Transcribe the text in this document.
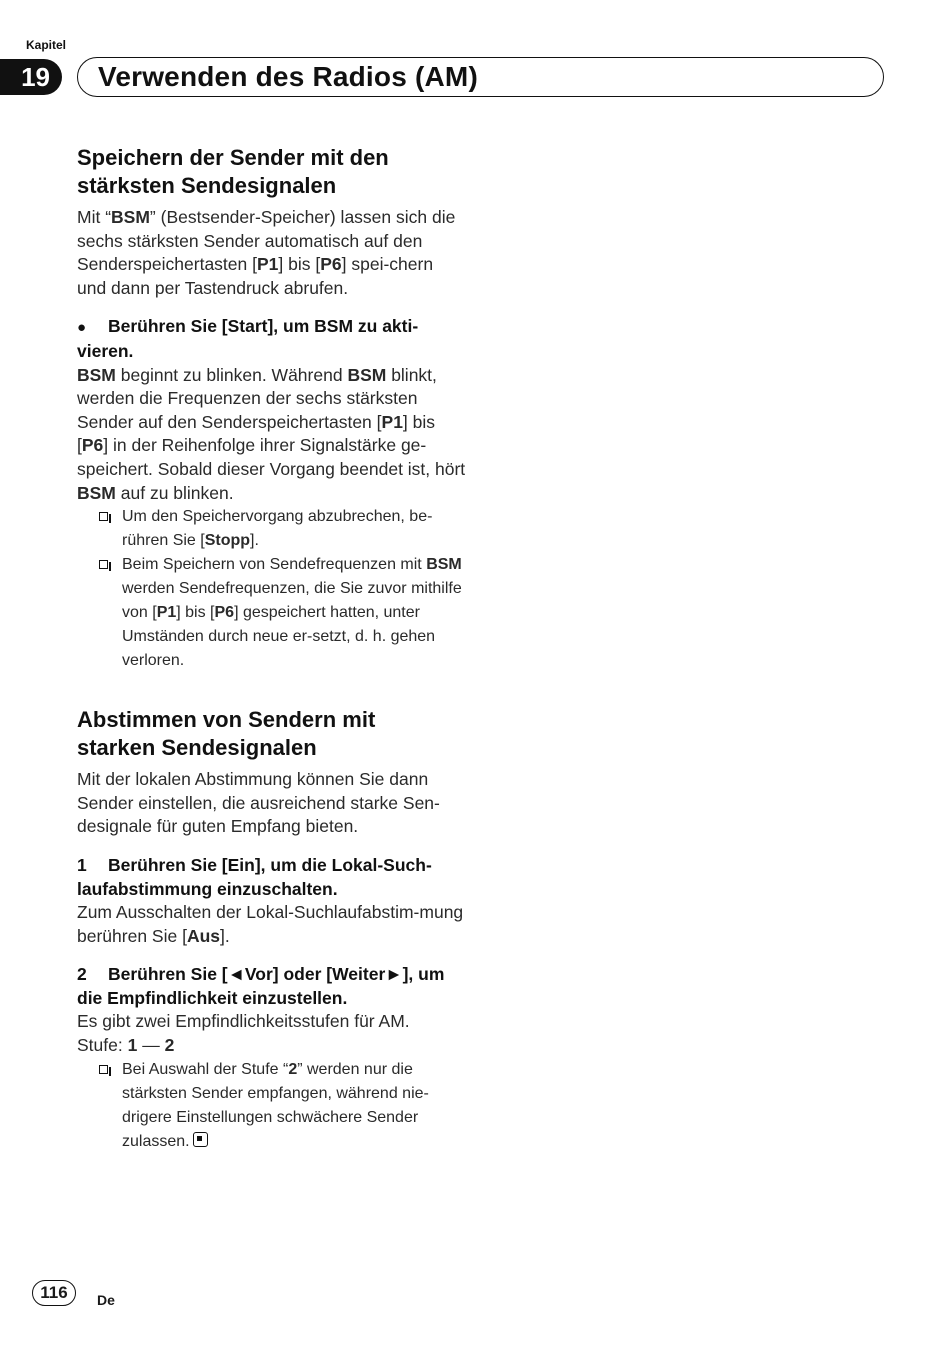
Kapitel
19 Verwenden des Radios (AM)
Speichern der Sender mit den
stärksten Sendesignalen

Mit “BSM” (Bestsender-Speicher) lassen sich die sechs stärksten Sender automatisch auf den Senderspeichertasten [P1] bis [P6] spei-chern und dann per Tastendruck abrufen.

● Berühren Sie [Start], um BSM zu akti-vieren.

BSM beginnt zu blinken. Während BSM blinkt, werden die Frequenzen der sechs stärksten Sender auf den Senderspeichertasten [P1] bis [P6] in der Reihenfolge ihrer Signalstärke ge-speichert. Sobald dieser Vorgang beendet ist, hört BSM auf zu blinken.

Um den Speichervorgang abzubrechen, be-rühren Sie [Stopp].
Beim Speichern von Sendefrequenzen mit BSM werden Sendefrequenzen, die Sie zuvor mithilfe von [P1] bis [P6] gespeichert hatten, unter Umständen durch neue er-setzt, d. h. gehen verloren.
Abstimmen von Sendern mit
starken Sendesignalen

Mit der lokalen Abstimmung können Sie dann Sender einstellen, die ausreichend starke Sen-designale für guten Empfang bieten.

1 Berühren Sie [Ein], um die Lokal-Such-laufabstimmung einzuschalten.

Zum Ausschalten der Lokal-Suchlaufabstim-mung berühren Sie [Aus].

2 Berühren Sie [◄Vor] oder [Weiter►], um die Empfindlichkeit einzustellen.

Es gibt zwei Empfindlichkeitsstufen für AM.
Stufe: 1 — 2

Bei Auswahl der Stufe “2” werden nur die stärksten Sender empfangen, während nie-drigere Einstellungen schwächere Sender zulassen.
116 De
